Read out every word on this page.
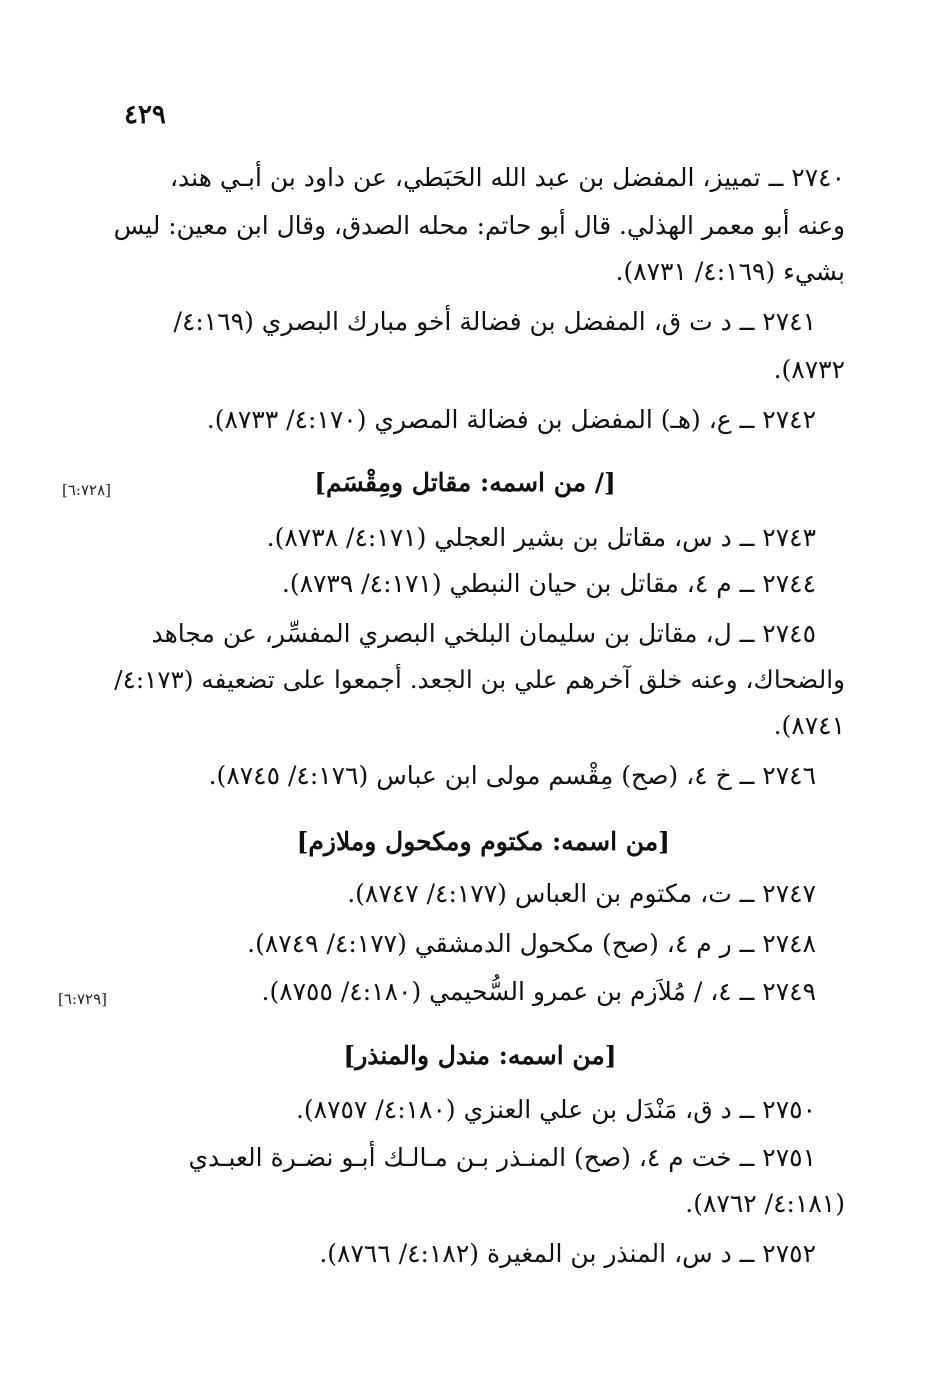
٤٢٩
٢٧٤٠ ــ تمييز، المفضل بن عبد الله الحَبَطي، عن داود بن أبـي هند،
وعنه أبو معمر الهذلي. قال أبو حاتم: محله الصدق، وقال ابن معين: ليس
بشيء (٤:١٦٩/ ٨٧٣١).
٢٧٤١ ــ د ت ق، المفضل بن فضالة أخو مبارك البصري (٤:١٦٩/
٨٧٣٢).
٢٧٤٢ ــ ع، (هـ) المفضل بن فضالة المصري (٤:١٧٠/ ٨٧٣٣).
[/ من اسمه: مقاتل ومِقْسَم]
[٦:٧٢٨]
٢٧٤٣ ــ د س، مقاتل بن بشير العجلي (٤:١٧١/ ٨٧٣٨).
٢٧٤٤ ــ م ٤، مقاتل بن حيان النبطي (٤:١٧١/ ٨٧٣٩).
٢٧٤٥ ــ ل، مقاتل بن سليمان البلخي البصري المفسِّر، عن مجاهد
والضحاك، وعنه خلق آخرهم علي بن الجعد. أجمعوا على تضعيفه (٤:١٧٣/
٨٧٤١).
٢٧٤٦ ــ خ ٤، (صح) مِقْسم مولى ابن عباس (٤:١٧٦/ ٨٧٤٥).
[من اسمه: مكتوم ومكحول وملازم]
٢٧٤٧ ــ ت، مكتوم بن العباس (٤:١٧٧/ ٨٧٤٧).
٢٧٤٨ ــ ر م ٤، (صح) مكحول الدمشقي (٤:١٧٧/ ٨٧٤٩).
٢٧٤٩ ــ ٤، / مُلاَزم بن عمرو السُّحيمي (٤:١٨٠/ ٨٧٥٥).
[٦:٧٢٩]
[من اسمه: مندل والمنذر]
٢٧٥٠ ــ د ق، مَنْدَل بن علي العنزي (٤:١٨٠/ ٨٧٥٧).
٢٧٥١ ــ خت م ٤، (صح) المنـذر بـن مـالـك أبـو نضـرة العبـدي
(٤:١٨١/ ٨٧٦٢).
٢٧٥٢ ــ د س، المنذر بن المغيرة (٤:١٨٢/ ٨٧٦٦).
